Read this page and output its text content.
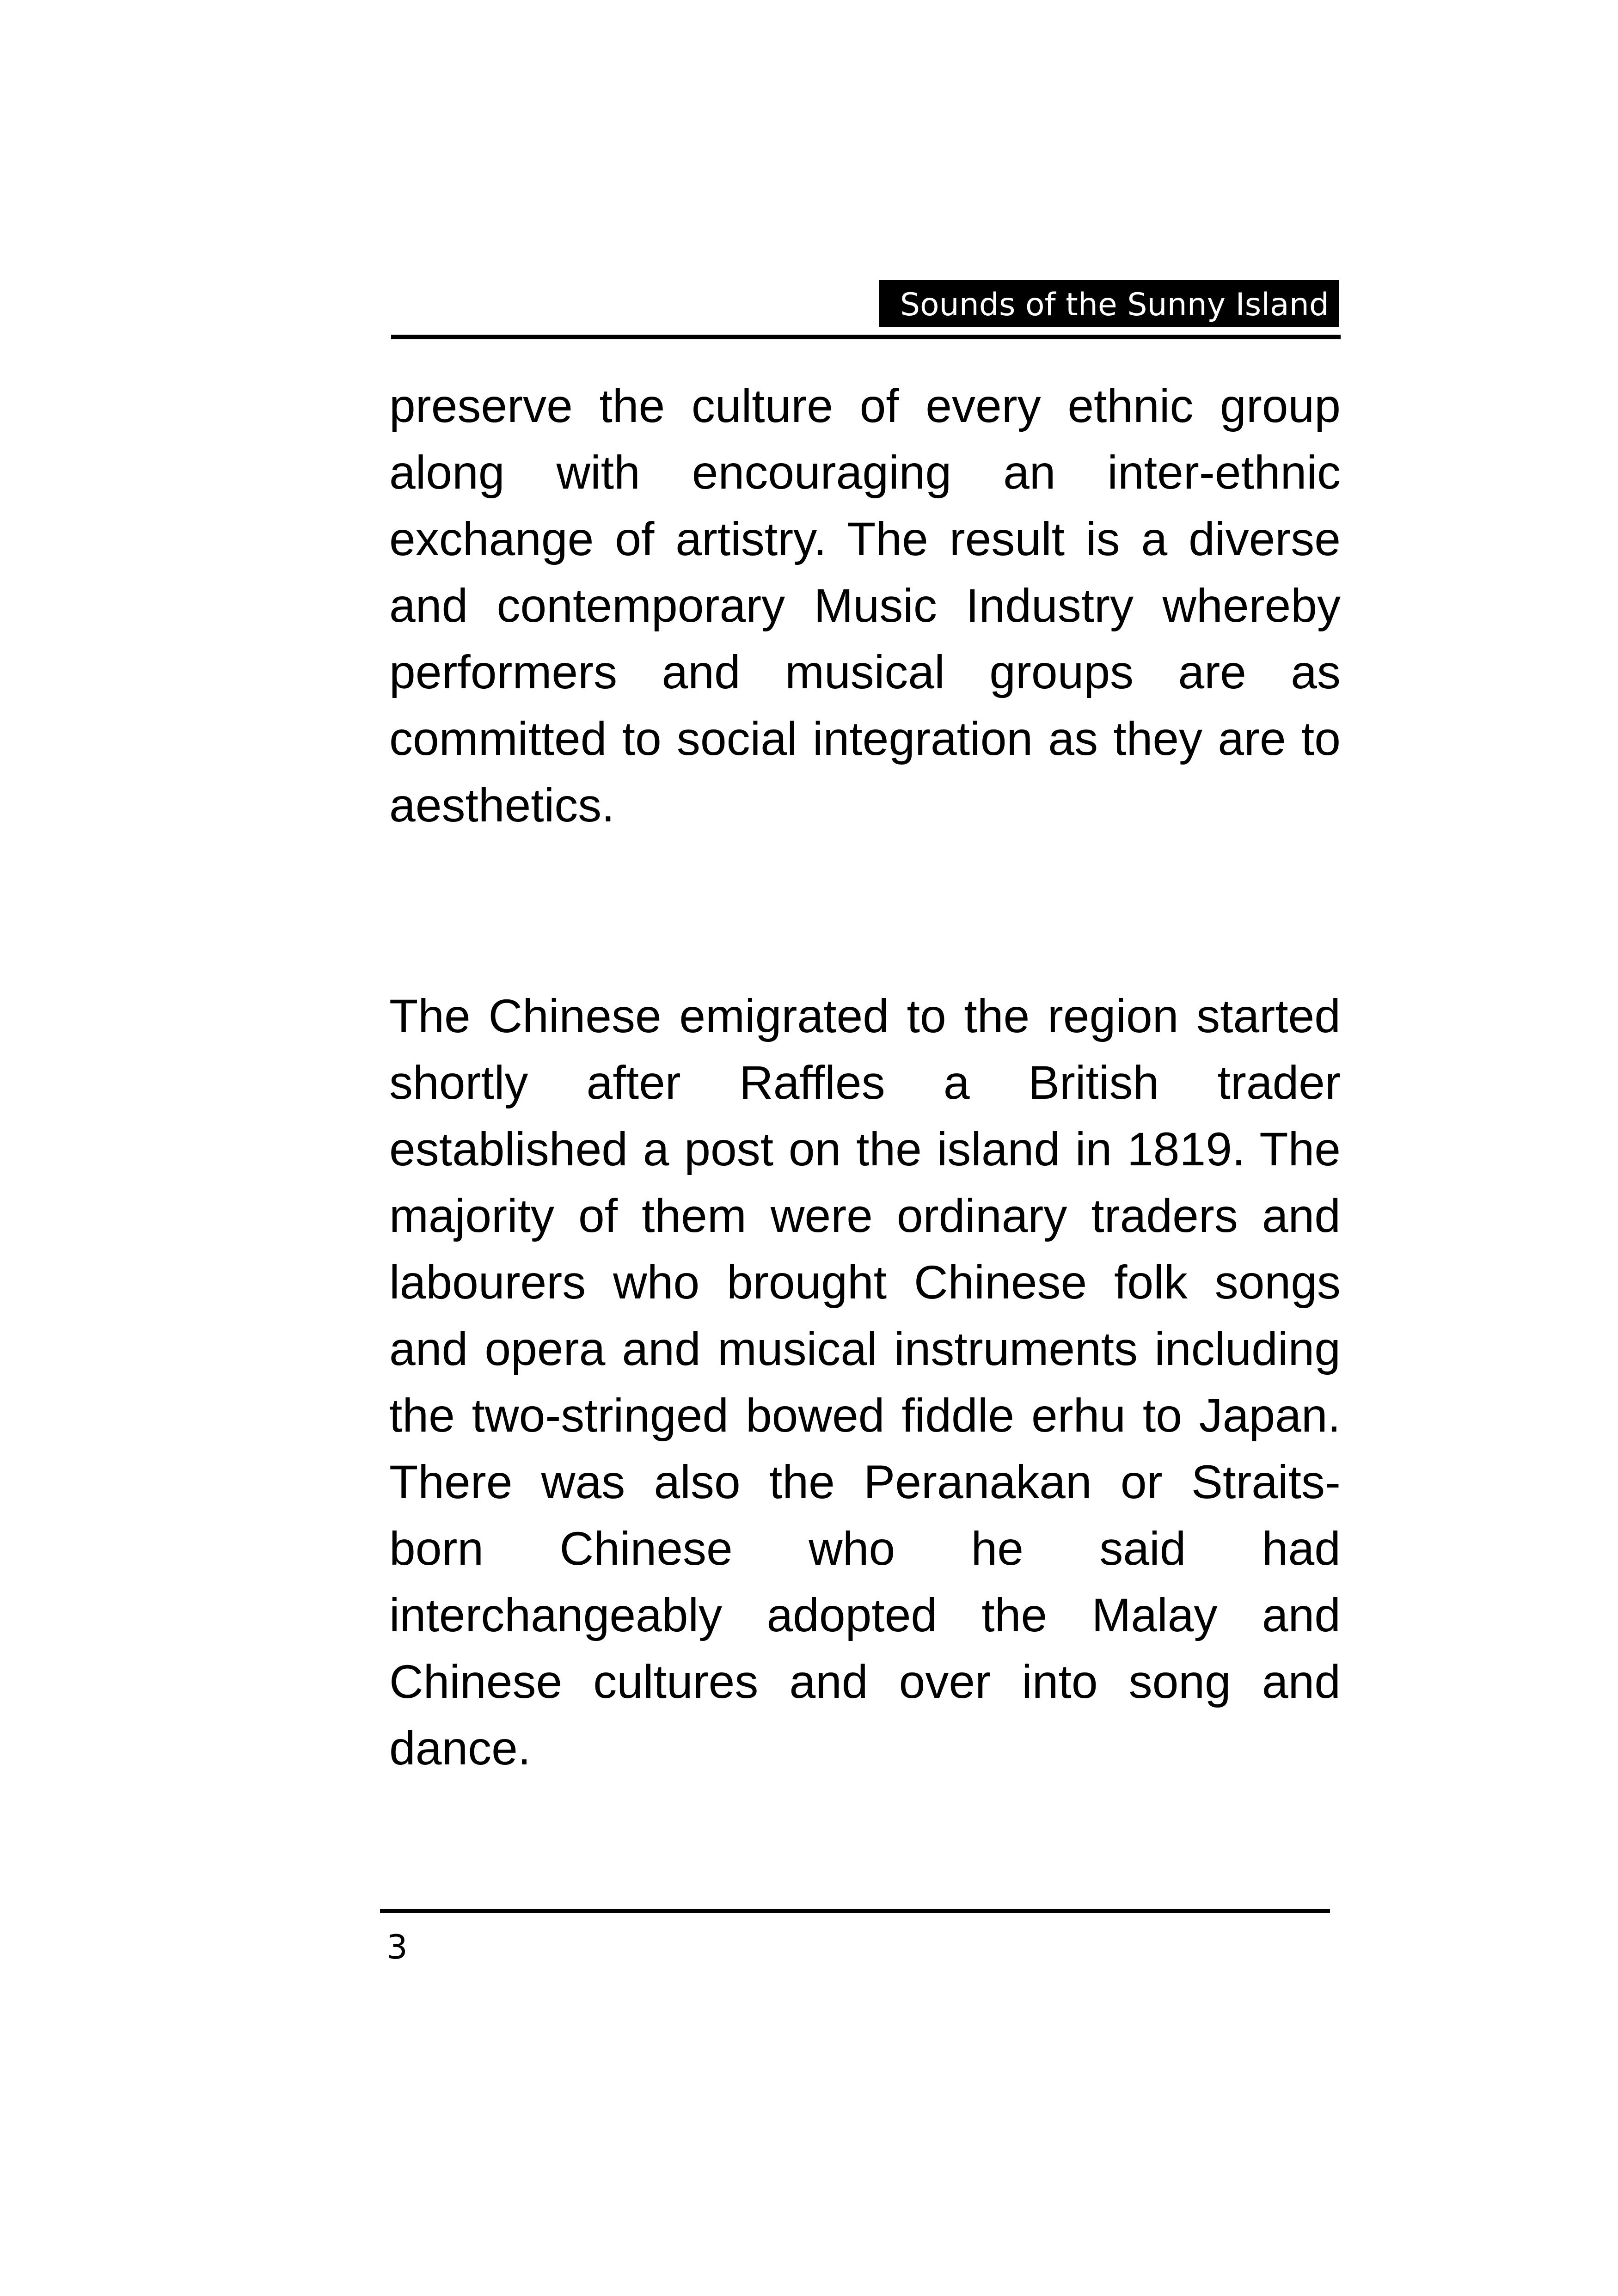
Sounds of the Sunny Island

preserve the culture of every ethnic group along with encouraging an inter-ethnic exchange of artistry. The result is a diverse and contemporary Music Industry whereby performers and musical groups are as committed to social integration as they are to aesthetics.

The Chinese emigrated to the region started shortly after Raffles a British trader established a post on the island in 1819. The majority of them were ordinary traders and labourers who brought Chinese folk songs and opera and musical instruments including the two-stringed bowed fiddle erhu to Japan. There was also the Peranakan or Straits-born Chinese who he said had interchangeably adopted the Malay and Chinese cultures and over into song and dance.

3
